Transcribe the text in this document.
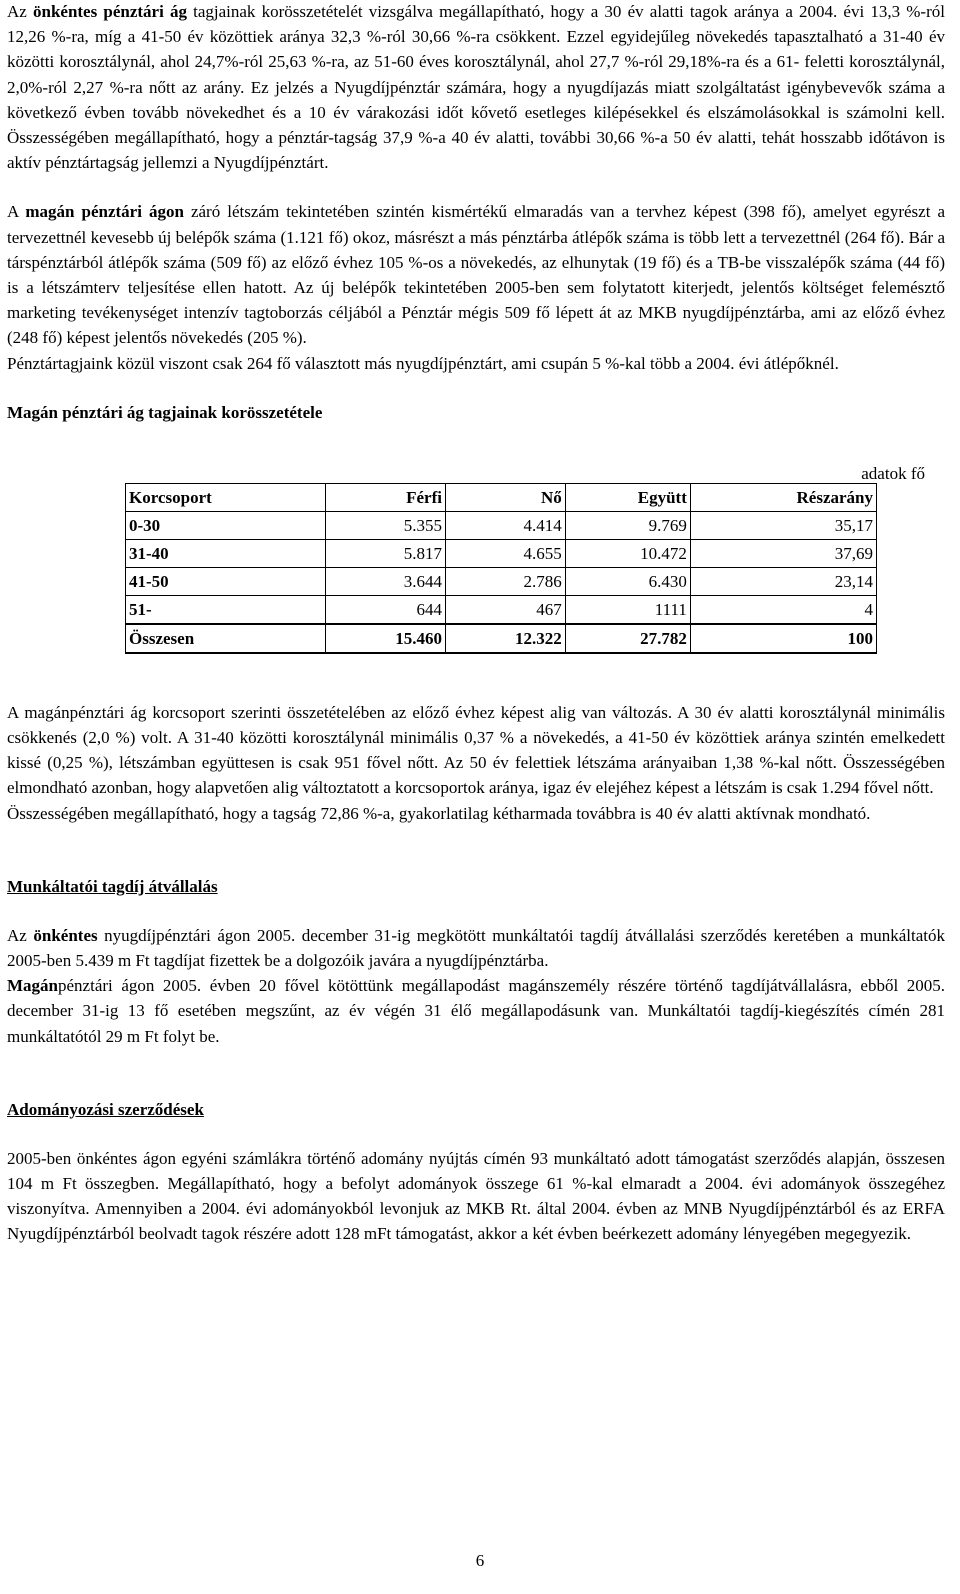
Az önkéntes pénztári ág tagjainak korösszetételét vizsgálva megállapítható, hogy a 30 év alatti tagok aránya a 2004. évi 13,3 %-ról 12,26 %-ra, míg a 41-50 év közöttiek aránya 32,3 %-ról 30,66 %-ra csökkent. Ezzel egyidejűleg növekedés tapasztalható a 31-40 év közötti korosztálynál, ahol 24,7%-ról 25,63 %-ra, az 51-60 éves korosztálynál, ahol 27,7 %-ról 29,18%-ra és a 61- feletti korosztálynál, 2,0%-ról 2,27 %-ra nőtt az arány. Ez jelzés a Nyugdíjpénztár számára, hogy a nyugdíjazás miatt szolgáltatást igénybevevők száma a következő évben tovább növekedhet és a 10 év várakozási időt kővető esetleges kilépésekkel és elszámolásokkal is számolni kell. Összességében megállapítható, hogy a pénztár-tagság 37,9 %-a 40 év alatti, további 30,66 %-a 50 év alatti, tehát hosszabb időtávon is aktív pénztártagság jellemzi a Nyugdíjpénztárt.

A magán pénztári ágon záró létszám tekintetében szintén kismértékű elmaradás van a tervhez képest (398 fő), amelyet egyrészt a tervezettnél kevesebb új belépők száma (1.121 fő) okoz, másrészt a más pénztárba átlépők száma is több lett a tervezettnél (264 fő). Bár a társpénztárból átlépők száma (509 fő) az előző évhez 105 %-os a növekedés, az elhunytak (19 fő) és a TB-be visszalépők száma (44 fő) is a létszámterv teljesítése ellen hatott. Az új belépők tekintetében 2005-ben sem folytatott kiterjedt, jelentős költséget felemésztő marketing tevékenységet intenzív tagtoborzás céljából a Pénztár mégis 509 fő lépett át az MKB nyugdíjpénztárba, ami az előző évhez (248 fő) képest jelentős növekedés (205 %).

Pénztártagjaink közül viszont csak 264 fő választott más nyugdíjpénztárt, ami csupán 5 %-kal több a 2004. évi átlépőknél.

Magán pénztári ág tagjainak korösszetétele
adatok fő
Korcsoport	Férfi	Nő	Együtt	Részarány
0-30	5.355	4.414	9.769	35,17
31-40	5.817	4.655	10.472	37,69
41-50	3.644	2.786	6.430	23,14
51-	644	467	1111	4
Összesen	15.460	12.322	27.782	100

A magánpénztári ág korcsoport szerinti összetételében az előző évhez képest alig van változás. A 30 év alatti korosztálynál minimális csökkenés (2,0 %) volt. A 31-40 közötti korosztálynál minimális 0,37 % a növekedés, a 41-50 év közöttiek aránya szintén emelkedett kissé (0,25 %), létszámban együttesen is csak 951 fővel nőtt. Az 50 év felettiek létszáma arányaiban 1,38 %-kal nőtt. Összességében elmondható azonban, hogy alapvetően alig változtatott a korcsoportok aránya, igaz év elejéhez képest a létszám is csak 1.294 fővel nőtt.

Összességében megállapítható, hogy a tagság 72,86 %-a, gyakorlatilag kétharmada továbbra is 40 év alatti aktívnak mondható.

Munkáltatói tagdíj átvállalás

Az önkéntes nyugdíjpénztári ágon 2005. december 31-ig megkötött munkáltatói tagdíj átvállalási szerződés keretében a munkáltatók 2005-ben 5.439 m Ft tagdíjat fizettek be a dolgozóik javára a nyugdíjpénztárba.

Magánpénztári ágon 2005. évben 20 fővel kötöttünk megállapodást magánszemély részére történő tagdíjátvállalásra, ebből 2005. december 31-ig 13 fő esetében megszűnt, az év végén 31 élő megállapodásunk van. Munkáltatói tagdíj-kiegészítés címén 281 munkáltatótól 29 m Ft folyt be.

Adományozási szerződések

2005-ben önkéntes ágon egyéni számlákra történő adomány nyújtás címén 93 munkáltató adott támogatást szerződés alapján, összesen 104 m Ft összegben. Megállapítható, hogy a befolyt adományok összege 61 %-kal elmaradt a 2004. évi adományok összegéhez viszonyítva. Amennyiben a 2004. évi adományokból levonjuk az MKB Rt. által 2004. évben az MNB Nyugdíjpénztárból és az ERFA Nyugdíjpénztárból beolvadt tagok részére adott 128 mFt támogatást, akkor a két évben beérkezett adomány lényegében megegyezik.

6
